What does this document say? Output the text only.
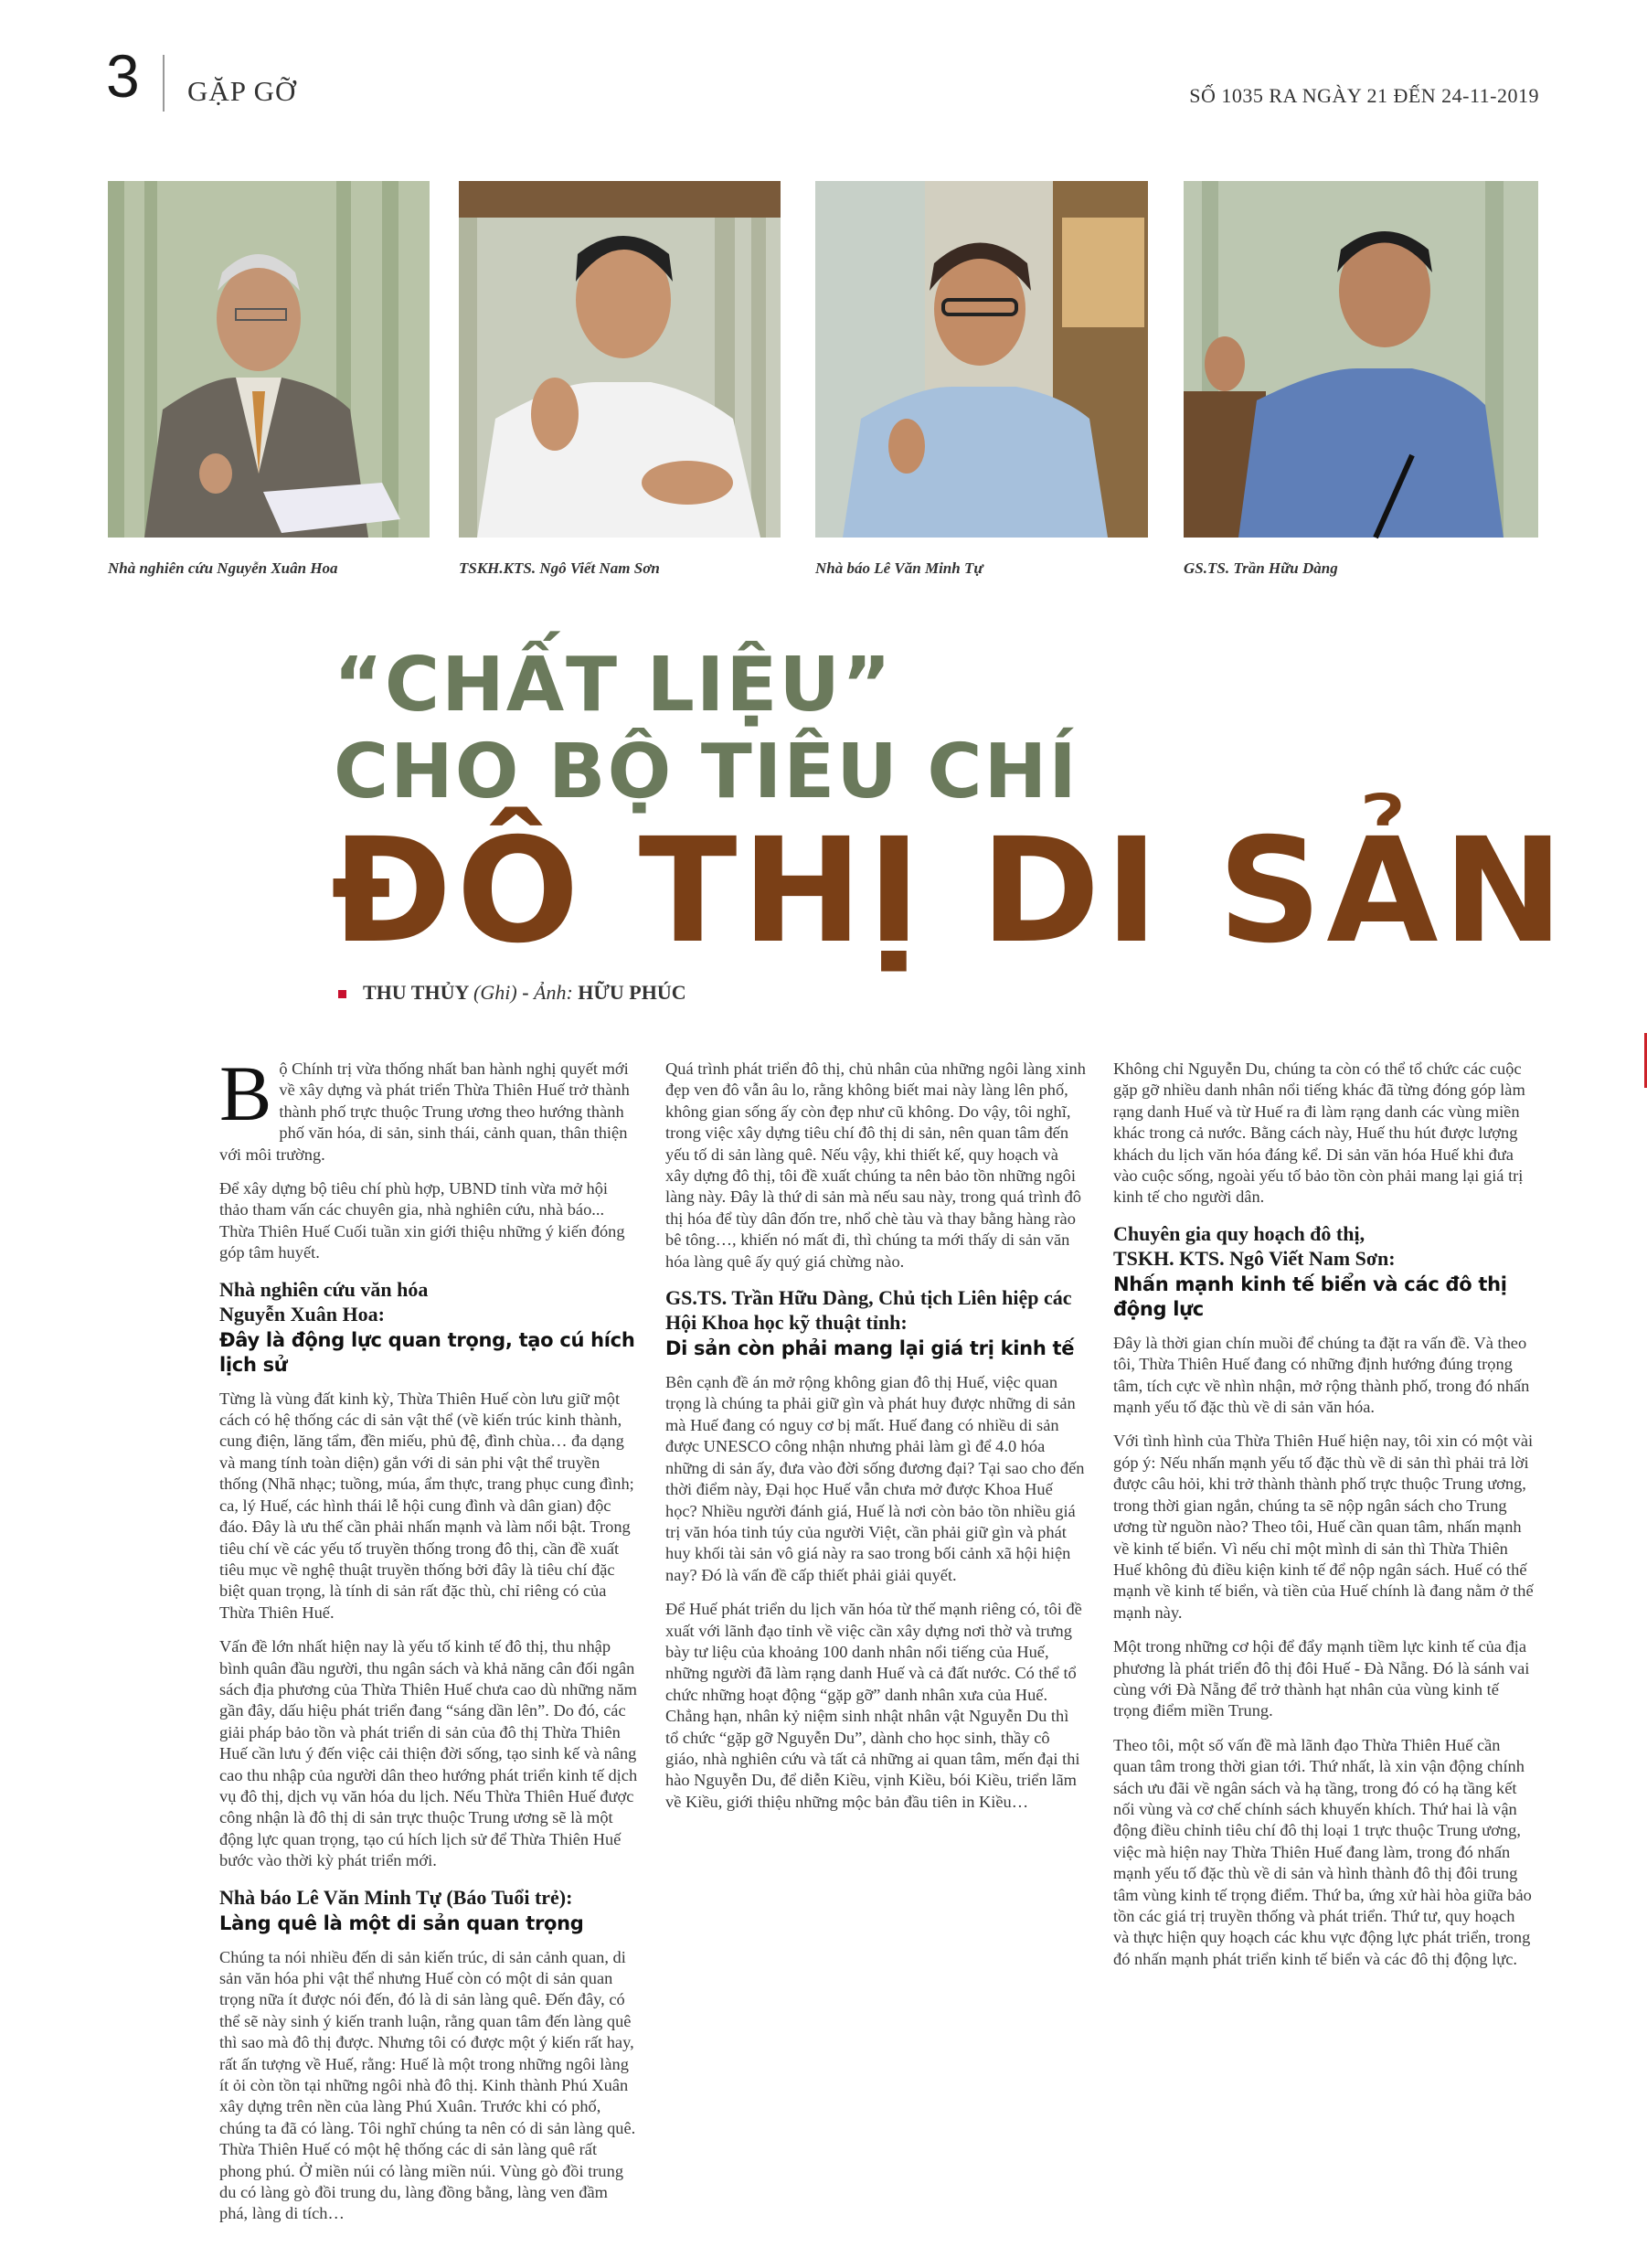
3 GẶP GỠ	SỐ 1035 RA NGÀY 21 ĐẾN 24-11-2019
Nhà nghiên cứu Nguyễn Xuân Hoa	TSKH.KTS. Ngô Viết Nam Sơn	Nhà báo Lê Văn Minh Tự	GS.TS. Trần Hữu Dàng
“CHẤT LIỆU”
CHO BỘ TIÊU CHÍ
ĐÔ THỊ DI SẢN
THU THỦY (Ghi) - Ảnh: HỮU PHÚC

Bộ Chính trị vừa thống nhất ban hành nghị quyết mới về xây dựng và phát triển Thừa Thiên Huế trở thành thành phố trực thuộc Trung ương theo hướng thành phố văn hóa, di sản, sinh thái, cảnh quan, thân thiện với môi trường.

Để xây dựng bộ tiêu chí phù hợp, UBND tỉnh vừa mở hội thảo tham vấn các chuyên gia, nhà nghiên cứu, nhà báo... Thừa Thiên Huế Cuối tuần xin giới thiệu những ý kiến đóng góp tâm huyết.

Nhà nghiên cứu văn hóa
Nguyễn Xuân Hoa:
Đây là động lực quan trọng, tạo cú hích lịch sử

Từng là vùng đất kinh kỳ, Thừa Thiên Huế còn lưu giữ một cách có hệ thống các di sản vật thể (về kiến trúc kinh thành, cung điện, lăng tẩm, đền miếu, phủ đệ, đình chùa… đa dạng và mang tính toàn diện) gắn với di sản phi vật thể truyền thống (Nhã nhạc; tuồng, múa, ẩm thực, trang phục cung đình; ca, lý Huế, các hình thái lễ hội cung đình và dân gian) độc đáo. Đây là ưu thế cần phải nhấn mạnh và làm nổi bật. Trong tiêu chí về các yếu tố truyền thống trong đô thị, cần đề xuất tiêu mục về nghệ thuật truyền thống bởi đây là tiêu chí đặc biệt quan trọng, là tính di sản rất đặc thù, chỉ riêng có của Thừa Thiên Huế.

Vấn đề lớn nhất hiện nay là yếu tố kinh tế đô thị, thu nhập bình quân đầu người, thu ngân sách và khả năng cân đối ngân sách địa phương của Thừa Thiên Huế chưa cao dù những năm gần đây, dấu hiệu phát triển đang “sáng dần lên”. Do đó, các giải pháp bảo tồn và phát triển di sản của đô thị Thừa Thiên Huế cần lưu ý đến việc cải thiện đời sống, tạo sinh kế và nâng cao thu nhập của người dân theo hướng phát triển kinh tế dịch vụ đô thị, dịch vụ văn hóa du lịch. Nếu Thừa Thiên Huế được công nhận là đô thị di sản trực thuộc Trung ương sẽ là một động lực quan trọng, tạo cú hích lịch sử để Thừa Thiên Huế bước vào thời kỳ phát triển mới.

Nhà báo Lê Văn Minh Tự (Báo Tuổi trẻ):
Làng quê là một di sản quan trọng

Chúng ta nói nhiều đến di sản kiến trúc, di sản cảnh quan, di sản văn hóa phi vật thể nhưng Huế còn có một di sản quan trọng nữa ít được nói đến, đó là di sản làng quê. Đến đây, có thể sẽ này sinh ý kiến tranh luận, rằng quan tâm đến làng quê thì sao mà đô thị được. Nhưng tôi có được một ý kiến rất hay, rất ấn tượng về Huế, rằng: Huế là một trong những ngôi làng ít ỏi còn tồn tại những ngôi nhà đô thị. Kinh thành Phú Xuân xây dựng trên nền của làng Phú Xuân. Trước khi có phố, chúng ta đã có làng. Tôi nghĩ chúng ta nên có di sản làng quê. Thừa Thiên Huế có một hệ thống các di sản làng quê rất phong phú. Ở miền núi có làng miền núi. Vùng gò đồi trung du có làng gò đồi trung du, làng đồng bằng, làng ven đầm phá, làng di tích…

Quá trình phát triển đô thị, chủ nhân của những ngôi làng xinh đẹp ven đô vẫn âu lo, rằng không biết mai này làng lên phố, không gian sống ấy còn đẹp như cũ không. Do vậy, tôi nghĩ, trong việc xây dựng tiêu chí đô thị di sản, nên quan tâm đến yếu tố di sản làng quê. Nếu vậy, khi thiết kế, quy hoạch và xây dựng đô thị, tôi đề xuất chúng ta nên bảo tồn những ngôi làng này. Đây là thứ di sản mà nếu sau này, trong quá trình đô thị hóa để tùy dân đốn tre, nhổ chè tàu và thay bằng hàng rào bê tông…, khiến nó mất đi, thì chúng ta mới thấy di sản văn hóa làng quê ấy quý giá chừng nào.

GS.TS. Trần Hữu Dàng, Chủ tịch Liên hiệp các Hội Khoa học kỹ thuật tỉnh:
Di sản còn phải mang lại giá trị kinh tế

Bên cạnh đề án mở rộng không gian đô thị Huế, việc quan trọng là chúng ta phải giữ gìn và phát huy được những di sản mà Huế đang có nguy cơ bị mất. Huế đang có nhiều di sản được UNESCO công nhận nhưng phải làm gì để 4.0 hóa những di sản ấy, đưa vào đời sống đương đại? Tại sao cho đến thời điểm này, Đại học Huế vẫn chưa mở được Khoa Huế học? Nhiều người đánh giá, Huế là nơi còn bảo tồn nhiều giá trị văn hóa tinh túy của người Việt, cần phải giữ gìn và phát huy khối tài sản vô giá này ra sao trong bối cảnh xã hội hiện nay? Đó là vấn đề cấp thiết phải giải quyết.

Để Huế phát triển du lịch văn hóa từ thế mạnh riêng có, tôi đề xuất với lãnh đạo tỉnh về việc cần xây dựng nơi thờ và trưng bày tư liệu của khoảng 100 danh nhân nổi tiếng của Huế, những người đã làm rạng danh Huế và cả đất nước. Có thể tổ chức những hoạt động “gặp gỡ” danh nhân xưa của Huế. Chẳng hạn, nhân kỷ niệm sinh nhật nhân vật Nguyễn Du thì tổ chức “gặp gỡ Nguyễn Du”, dành cho học sinh, thầy cô giáo, nhà nghiên cứu và tất cả những ai quan tâm, mến đại thi hào Nguyễn Du, để diễn Kiều, vịnh Kiều, bói Kiều, triển lãm về Kiều, giới thiệu những mộc bản đầu tiên in Kiều…

Không chỉ Nguyễn Du, chúng ta còn có thể tổ chức các cuộc gặp gỡ nhiều danh nhân nổi tiếng khác đã từng đóng góp làm rạng danh Huế và từ Huế ra đi làm rạng danh các vùng miền khác trong cả nước. Bằng cách này, Huế thu hút được lượng khách du lịch văn hóa đáng kể. Di sản văn hóa Huế khi đưa vào cuộc sống, ngoài yếu tố bảo tồn còn phải mang lại giá trị kinh tế cho người dân.

Chuyên gia quy hoạch đô thị,
TSKH. KTS. Ngô Viết Nam Sơn:
Nhấn mạnh kinh tế biển và các đô thị động lực

Đây là thời gian chín muồi để chúng ta đặt ra vấn đề. Và theo tôi, Thừa Thiên Huế đang có những định hướng đúng trọng tâm, tích cực về nhìn nhận, mở rộng thành phố, trong đó nhấn mạnh yếu tố đặc thù về di sản văn hóa.

Với tình hình của Thừa Thiên Huế hiện nay, tôi xin có một vài góp ý: Nếu nhấn mạnh yếu tố đặc thù về di sản thì phải trả lời được câu hỏi, khi trở thành thành phố trực thuộc Trung ương, trong thời gian ngắn, chúng ta sẽ nộp ngân sách cho Trung ương từ nguồn nào? Theo tôi, Huế cần quan tâm, nhấn mạnh về kinh tế biển. Vì nếu chỉ một mình di sản thì Thừa Thiên Huế không đủ điều kiện kinh tế để nộp ngân sách. Huế có thế mạnh về kinh tế biển, và tiền của Huế chính là đang nằm ở thế mạnh này.

Một trong những cơ hội để đẩy mạnh tiềm lực kinh tế của địa phương là phát triển đô thị đôi Huế - Đà Nẵng. Đó là sánh vai cùng với Đà Nẵng để trở thành hạt nhân của vùng kinh tế trọng điểm miền Trung.

Theo tôi, một số vấn đề mà lãnh đạo Thừa Thiên Huế cần quan tâm trong thời gian tới. Thứ nhất, là xin vận động chính sách ưu đãi về ngân sách và hạ tầng, trong đó có hạ tầng kết nối vùng và cơ chế chính sách khuyến khích. Thứ hai là vận động điều chỉnh tiêu chí đô thị loại 1 trực thuộc Trung ương, việc mà hiện nay Thừa Thiên Huế đang làm, trong đó nhấn mạnh yếu tố đặc thù về di sản và hình thành đô thị đôi trung tâm vùng kinh tế trọng điểm. Thứ ba, ứng xử hài hòa giữa bảo tồn các giá trị truyền thống và phát triển. Thứ tư, quy hoạch và thực hiện quy hoạch các khu vực động lực phát triển, trong đó nhấn mạnh phát triển kinh tế biển và các đô thị động lực.
